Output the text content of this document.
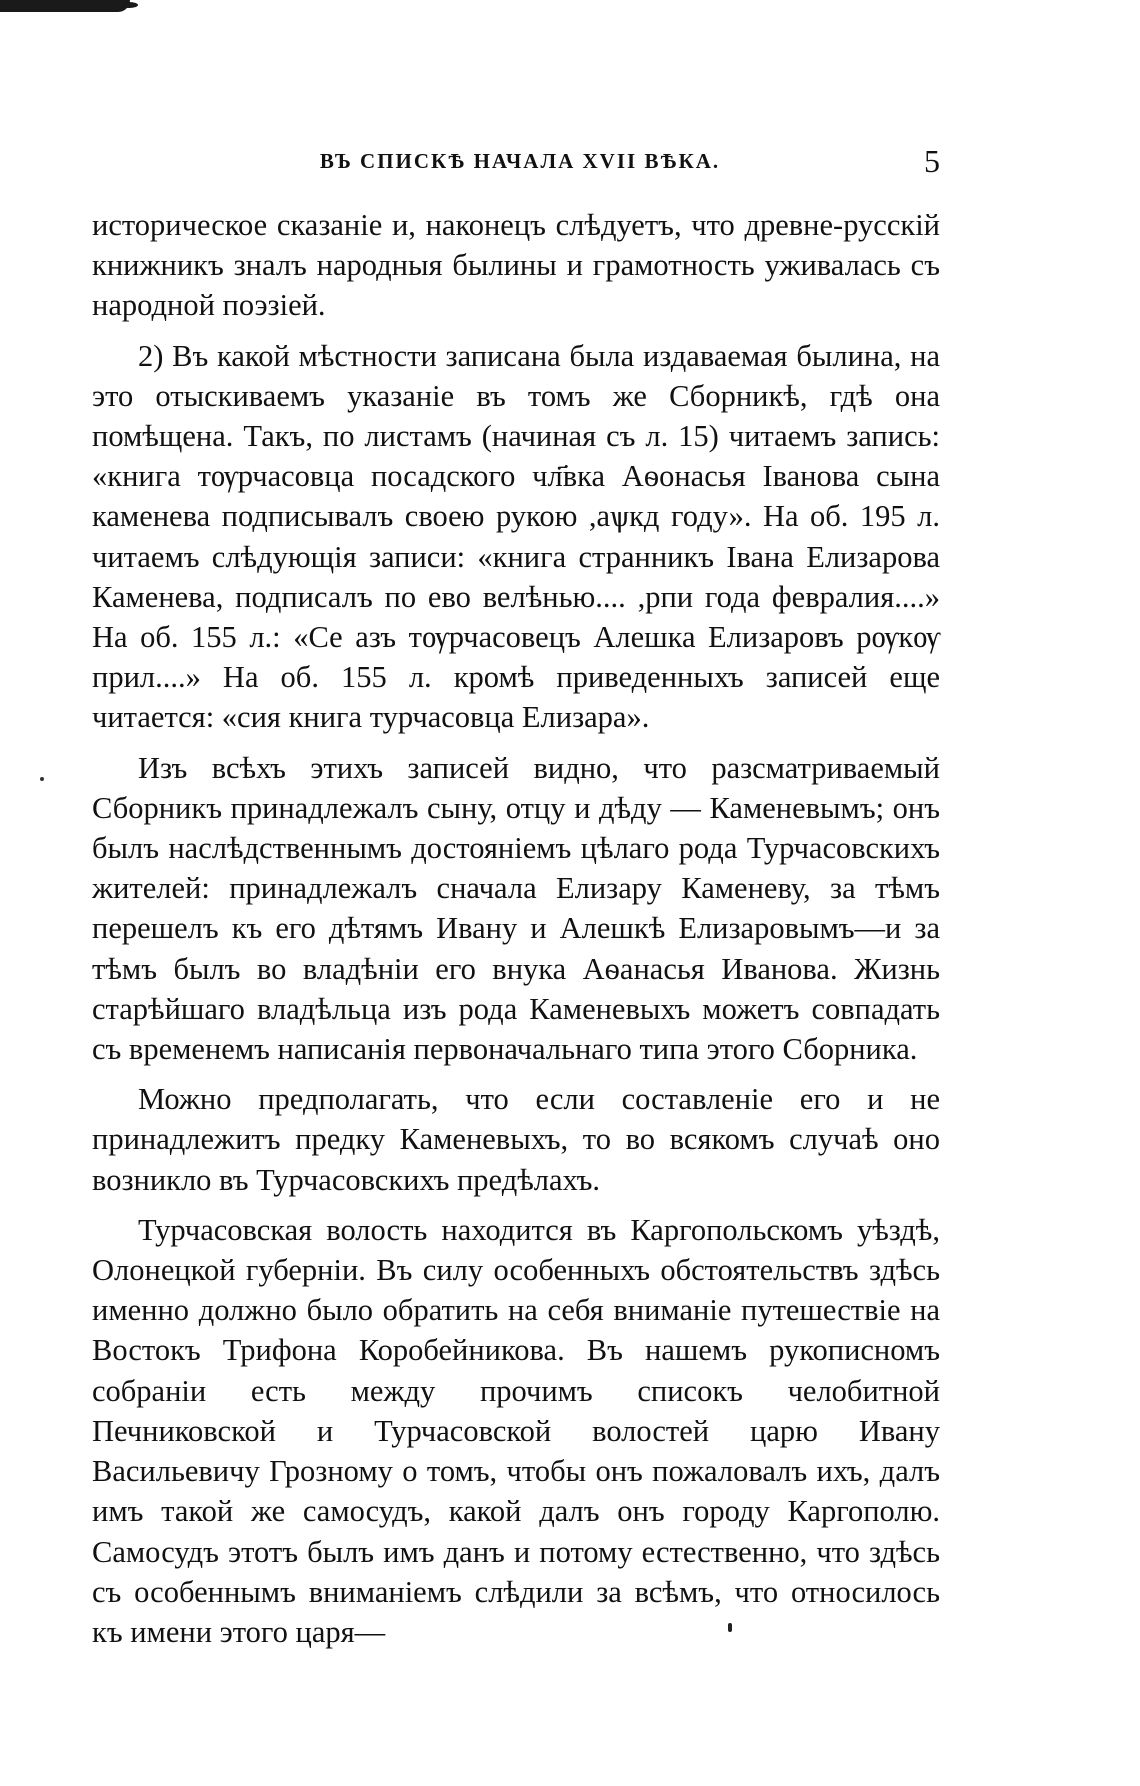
ВЪ СПИСКѢ НАЧАЛА XVII ВѢКА.	5

историческое сказаніе и, наконецъ слѣдуетъ, что древне-русскій книжникъ зналъ народныя былины и грамотность уживалась съ народной поэзіей.

2) Въ какой мѣстности записана была издаваемая былина, на это отыскиваемъ указаніе въ томъ же Сборникѣ, гдѣ она помѣщена. Такъ, по листамъ (начиная съ л. 15) читаемъ запись: «книга тѹрчасовца посадского чл҃вка Аѳонасья Іванова сына каменева подписывалъ своею рукою ,аѱкд году». На об. 195 л. читаемъ слѣдующія записи: «книга странникъ Івана Елизарова Каменева, подписалъ по ево велѣнью.... ,рпи года февралия....» На об. 155 л.: «Се азъ тѹрчасовецъ Алешка Елизаровъ рѹкѹ прил....» На об. 155 л. кромѣ приведенныхъ записей еще читается: «сия книга турчасовца Елизара».

Изъ всѣхъ этихъ записей видно, что разсматриваемый Сборникъ принадлежалъ сыну, отцу и дѣду — Каменевымъ; онъ былъ наслѣдственнымъ достояніемъ цѣлаго рода Турчасовскихъ жителей: принадлежалъ сначала Елизару Каменеву, за тѣмъ перешелъ къ его дѣтямъ Ивану и Алешкѣ Елизаровымъ—и за тѣмъ былъ во владѣніи его внука Аѳанасья Иванова. Жизнь старѣйшаго владѣльца изъ рода Каменевыхъ можетъ совпадать съ временемъ написанія первоначальнаго типа этого Сборника.

Можно предполагать, что если составленіе его и не принадлежитъ предку Каменевыхъ, то во всякомъ случаѣ оно возникло въ Турчасовскихъ предѣлахъ.

Турчасовская волость находится въ Каргопольскомъ уѣздѣ, Олонецкой губерніи. Въ силу особенныхъ обстоятельствъ здѣсь именно должно было обратить на себя вниманіе путешествіе на Востокъ Трифона Коробейникова. Въ нашемъ рукописномъ собраніи есть между прочимъ списокъ челобитной Печниковской и Турчасовской волостей царю Ивану Васильевичу Грозному о томъ, чтобы онъ пожаловалъ ихъ, далъ имъ такой же самосудъ, какой далъ онъ городу Каргополю. Самосудъ этотъ былъ имъ данъ и потому естественно, что здѣсь съ особеннымъ вниманіемъ слѣдили за всѣмъ, что относилось къ имени этого царя—
